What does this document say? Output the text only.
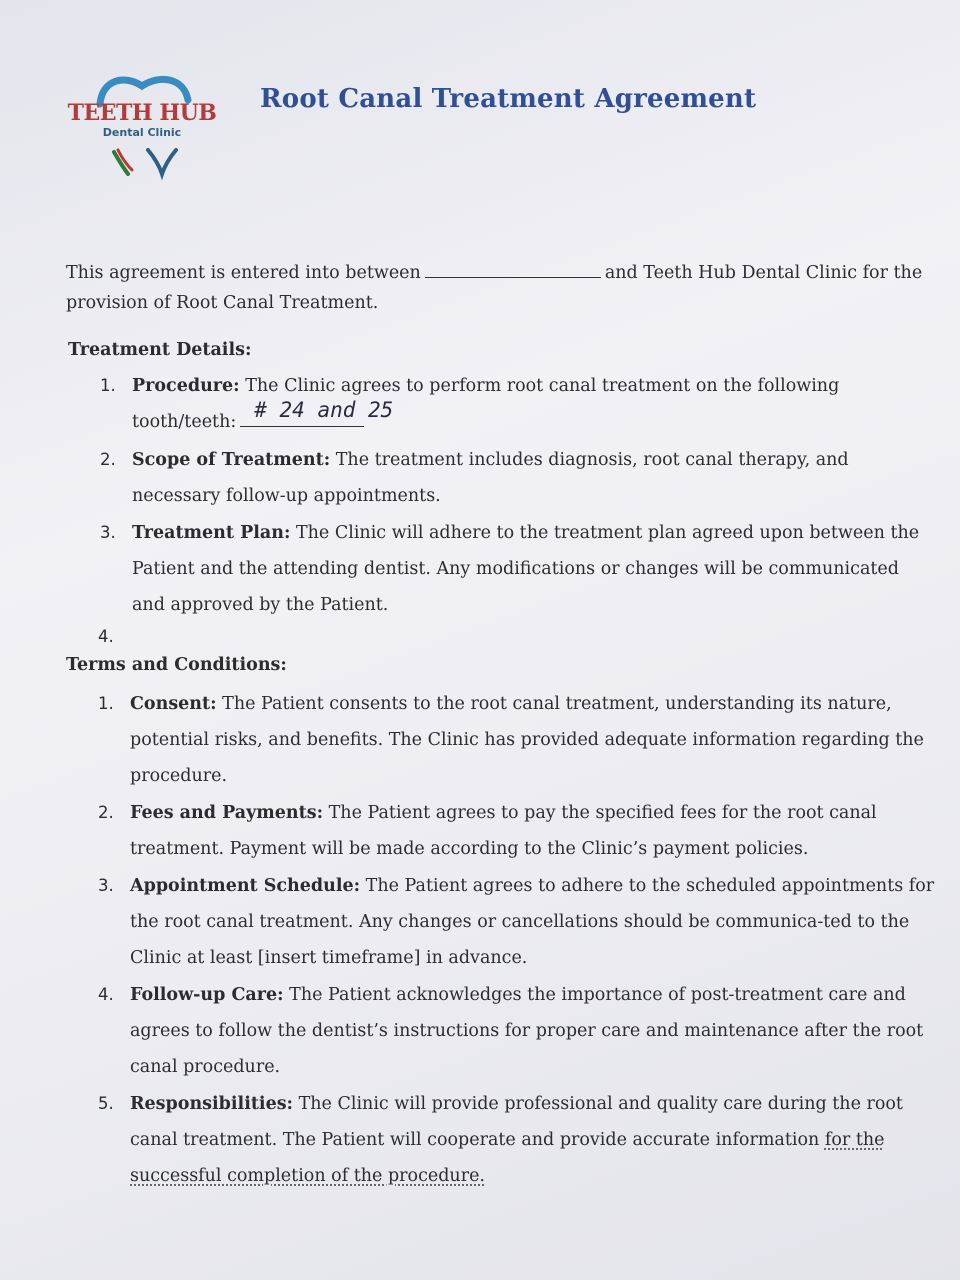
TEETH HUB
Dental Clinic
Root Canal Treatment Agreement
This agreement is entered into between	and Teeth Hub Dental Clinic for the provision of Root Canal Treatment.
Treatment Details:
1. Procedure: The Clinic agrees to perform root canal treatment on the following tooth/teeth: # 24 and 25
2. Scope of Treatment: The treatment includes diagnosis, root canal therapy, and necessary follow-up appointments.
3. Treatment Plan: The Clinic will adhere to the treatment plan agreed upon between the Patient and the attending dentist. Any modifications or changes will be communicated and approved by the Patient.
4.
Terms and Conditions:
1. Consent: The Patient consents to the root canal treatment, understanding its nature, potential risks, and benefits. The Clinic has provided adequate information regarding the procedure.
2. Fees and Payments: The Patient agrees to pay the specified fees for the root canal treatment. Payment will be made according to the Clinic’s payment policies.
3. Appointment Schedule: The Patient agrees to adhere to the scheduled appointments for the root canal treatment. Any changes or cancellations should be communica-ted to the Clinic at least [insert timeframe] in advance.
4. Follow-up Care: The Patient acknowledges the importance of post-treatment care and agrees to follow the dentist’s instructions for proper care and maintenance after the root canal procedure.
5. Responsibilities: The Clinic will provide professional and quality care during the root canal treatment. The Patient will cooperate and provide accurate information for the successful completion of the procedure.
